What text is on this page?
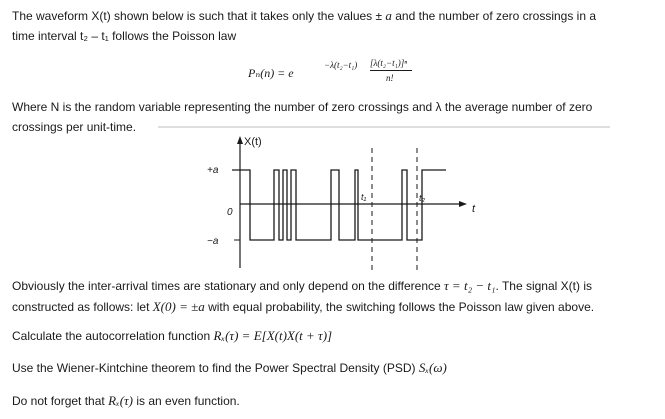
The waveform X(t) shown below is such that it takes only the values ± a and the number of zero crossings in a
time interval t₂ – t₁ follows the Poisson law
Pₙ(n) = e
−λ(t₂−t₁) [λ(t₂−t₁)]ⁿ
n!
Where N is the random variable representing the number of zero crossings and λ the average number of zero
crossings per unit-time.
X(t)
t
+a
0
−a
t₁	t₂
Obviously the inter-arrival times are stationary and only depend on the difference τ = t₂ − t₁. The signal X(t) is
constructed as follows: let X(0) = ±a with equal probability, the switching follows the Poisson law given above.
Calculate the autocorrelation function Rₓ(τ) = E[X(t)X(t + τ)]
Use the Wiener-Kintchine theorem to find the Power Spectral Density (PSD) Sₓ(ω)
Do not forget that Rₓ(τ) is an even function.
